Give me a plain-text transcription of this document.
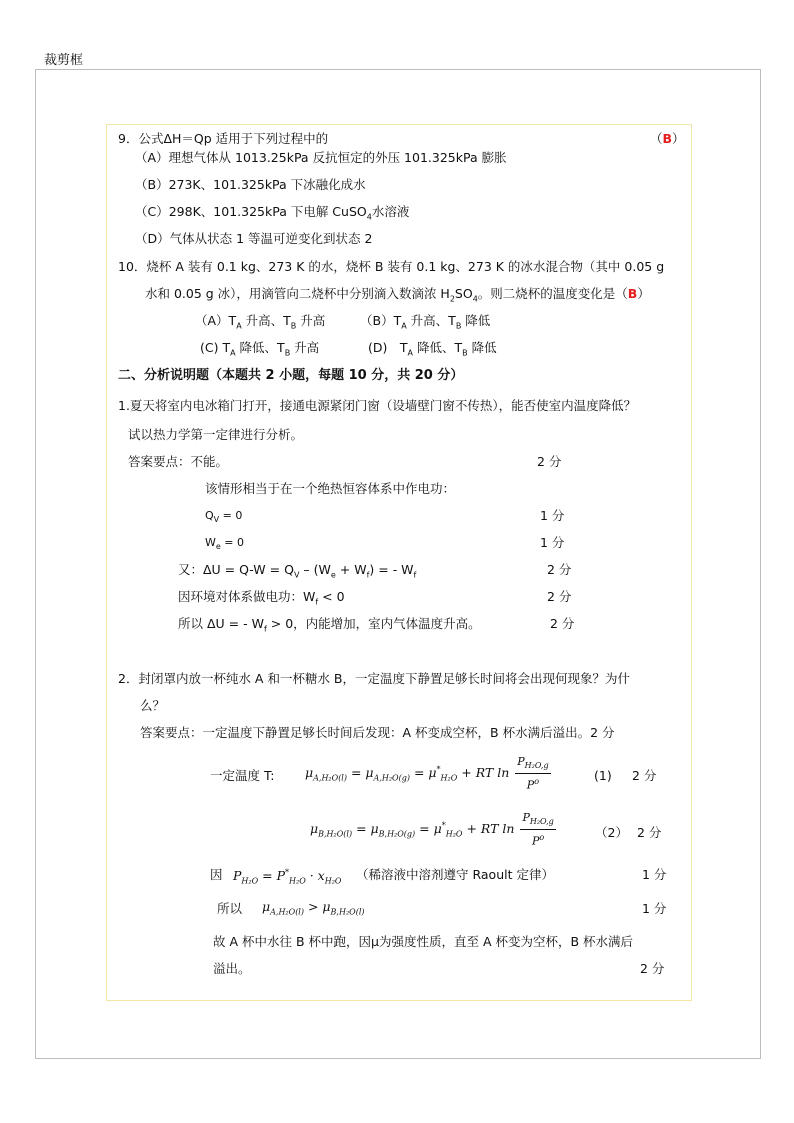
裁剪框
9．公式ΔH＝Qp 适用于下列过程中的	（B）
（A）理想气体从 1013.25kPa 反抗恒定的外压 101.325kPa 膨胀
（B）273K、101.325kPa 下冰融化成水
（C）298K、101.325kPa 下电解 CuSO$_4$水溶液
（D）气体从状态 1 等温可逆变化到状态 2
10．烧杯 A 装有 0.1 kg、273 K 的水，烧杯 B 装有 0.1 kg、273 K 的冰水混合物（其中 0.05 g
水和 0.05 g 冰），用滴管向二烧杯中分别滴入数滴浓 $H_2SO_4$。则二烧杯的温度变化是（B）
$(A)T_A$ 升高、$T_B$ 升高	$(B)T_A$ 升高、$T_B$ 降低
(C) $T_A$ 降低、$T_B$ 升高	(D)　$T_A$ 降低、$T_B$ 降低
二、分析说明题（本题共 2 小题，每题 10 分，共 20 分）
1.夏天将室内电冰箱门打开，接通电源紧闭门窗（设墙壁门窗不传热），能否使室内温度降低？
试以热力学第一定律进行分析。
答案要点：不能。	2 分
该情形相当于在一个绝热恒容体系中作电功：
$Q_V = 0$	1 分
$W_e = 0$	1 分
又：$\Delta U = Q-W = Q_V - (W_e + W_f)$ = - $W_f$	2 分
因环境对体系做电功：$W_f < 0$	2 分
所以 ΔU = - $W_f > 0$，内能增加，室内气体温度升高。	2 分
2．封闭罩内放一杯纯水 A 和一杯糖水 B，一定温度下静置足够长时间将会出现何现象？为什
么？
答案要点：一定温度下静置足够长时间后发现：A 杯变成空杯，B 杯水满后溢出。2 分
一定温度 T: $\mu_{A,H_2O(l)} = \mu_{A,H_2O(g)} = \mu^*_{H_2O}$ + RT $\ln \frac{P_{H_2O,g}}{P^o}$	(1) 2 分
$\mu_{B,H_2O(l)} = \mu_{B,H_2O(g)} = \mu^*_{H_2O}$ + RT $\ln \frac{P_{H_2O,g}}{P^o}$	（2） 2 分
因 $P_{H_2O} = P^*_{H_2O} \cdot x_{H_2O}$ （稀溶液中溶剂遵守 Raoult 定律）	1 分
所以 $\mu_{A,H_2O(l)} > \mu_{B,H_2O(l)}$	1 分
故 A 杯中水往 B 杯中跑，因μ为强度性质，直至 A 杯变为空杯，B 杯水满后
溢出。	2 分
